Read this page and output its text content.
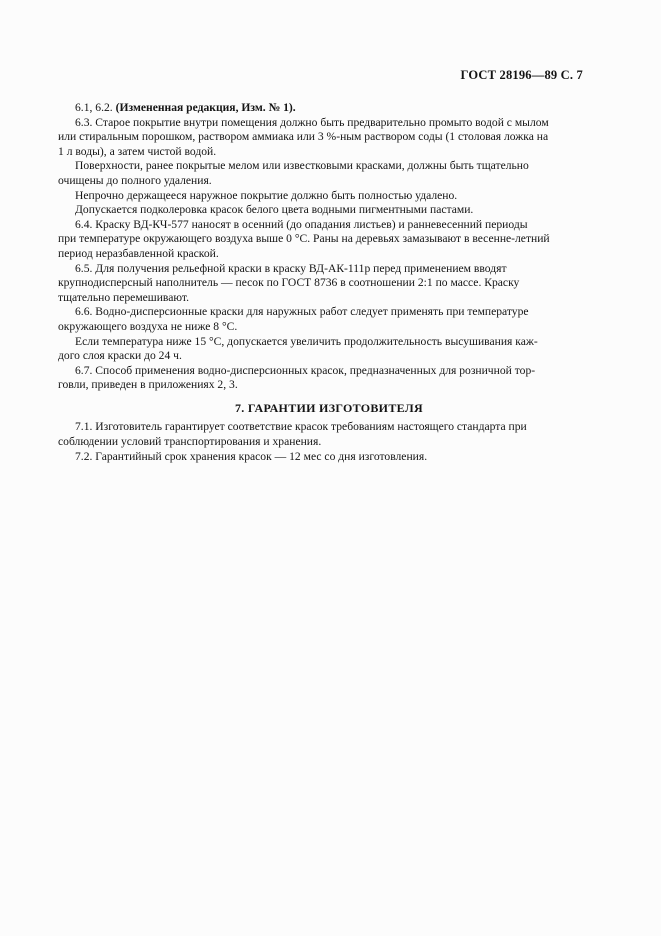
ГОСТ 28196—89 С. 7

6.1, 6.2. (Измененная редакция, Изм. № 1).

6.3. Старое покрытие внутри помещения должно быть предварительно промыто водой с мылом
или стиральным порошком, раствором аммиака или 3 %-ным раствором соды (1 столовая ложка на
1 л воды), а затем чистой водой.

Поверхности, ранее покрытые мелом или известковыми красками, должны быть тщательно
очищены до полного удаления.

Непрочно держащееся наружное покрытие должно быть полностью удалено.

Допускается подколеровка красок белого цвета водными пигментными пастами.

6.4. Краску ВД-КЧ-577 наносят в осенний (до опадания листьев) и ранневесенний периоды
при температуре окружающего воздуха выше 0 °С. Раны на деревьях замазывают в весенне-летний
период неразбавленной краской.

6.5. Для получения рельефной краски в краску ВД-АК-111р перед применением вводят
крупнодисперсный наполнитель — песок по ГОСТ 8736 в соотношении 2:1 по массе. Краску
тщательно перемешивают.

6.6. Водно-дисперсионные краски для наружных работ следует применять при температуре
окружающего воздуха не ниже 8 °С.

Если температура ниже 15 °С, допускается увеличить продолжительность высушивания каж-
дого слоя краски до 24 ч.

6.7. Способ применения водно-дисперсионных красок, предназначенных для розничной тор-
говли, приведен в приложениях 2, 3.

7. ГАРАНТИИ ИЗГОТОВИТЕЛЯ

7.1. Изготовитель гарантирует соответствие красок требованиям настоящего стандарта при
соблюдении условий транспортирования и хранения.

7.2. Гарантийный срок хранения красок — 12 мес со дня изготовления.
